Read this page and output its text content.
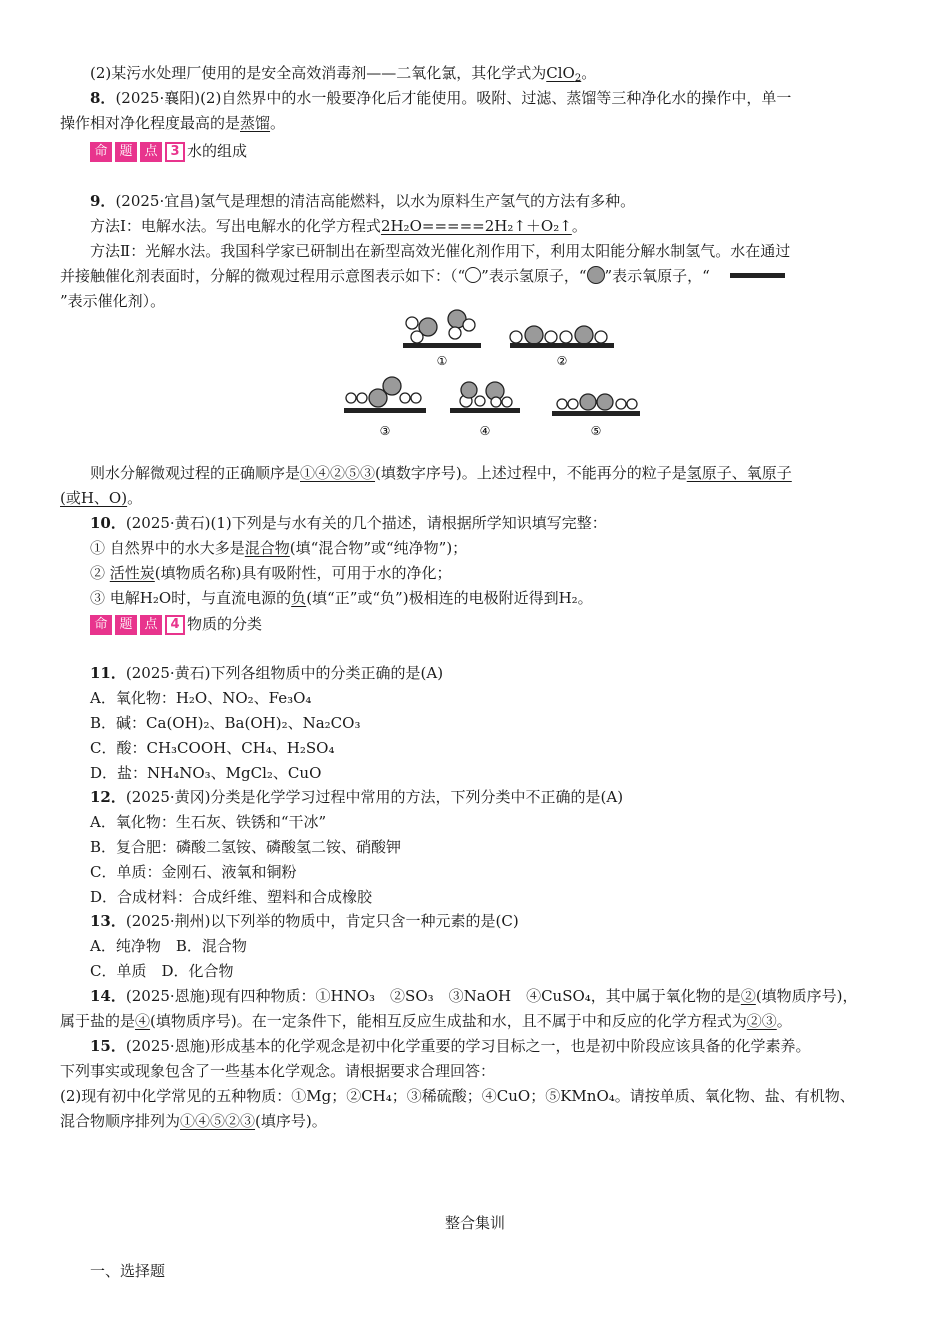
(2)某污水处理厂使用的是安全高效消毒剂——二氧化氯，其化学式为ClO$_2$。
8．(2025·襄阳)(2)自然界中的水一般要净化后才能使用。吸附、过滤、蒸馏等三种净化水的操作中，单一
操作相对净化程度最高的是蒸馏。
命 题 点 3 水的组成
9．(2025·宜昌)氢气是理想的清洁高能燃料，以水为原料生产氢气的方法有多种。
方法Ⅰ：电解水法。写出电解水的化学方程式2H₂O=====2H₂↑＋O₂↑。
方法Ⅱ：光解水法。我国科学家已研制出在新型高效光催化剂作用下，利用太阳能分解水制氢气。水在通过
并接触催化剂表面时，分解的微观过程用示意图表示如下：（“ ”表示氢原子，“ ”表示氧原子，“
”表示催化剂）。
①	②
③	④	⑤
则水分解微观过程的正确顺序是①④②⑤③(填数字序号)。上述过程中，不能再分的粒子是氢原子、氧原子
(或H、O)。
10．(2025·黄石)(1)下列是与水有关的几个描述，请根据所学知识填写完整：
① 自然界中的水大多是混合物(填“混合物”或“纯净物”)；
② 活性炭(填物质名称)具有吸附性，可用于水的净化；
③ 电解H₂O时，与直流电源的负(填“正”或“负”)极相连的电极附近得到H₂。
命 题 点 4 物质的分类
11．(2025·黄石)下列各组物质中的分类正确的是(A)
A．氧化物：H₂O、NO₂、Fe₃O₄
B．碱：Ca(OH)₂、Ba(OH)₂、Na₂CO₃
C．酸：CH₃COOH、CH₄、H₂SO₄
D．盐：NH₄NO₃、MgCl₂、CuO
12．(2025·黄冈)分类是化学学习过程中常用的方法，下列分类中不正确的是(A)
A．氧化物：生石灰、铁锈和“干冰”
B．复合肥：磷酸二氢铵、磷酸氢二铵、硝酸钾
C．单质：金刚石、液氧和铜粉
D．合成材料：合成纤维、塑料和合成橡胶
13．(2025·荆州)以下列举的物质中，肯定只含一种元素的是(C)
A．纯净物　B．混合物
C．单质　D．化合物
14．(2025·恩施)现有四种物质：①HNO₃　②SO₃　③NaOH　④CuSO₄，其中属于氧化物的是②(填物质序号)，
属于盐的是④(填物质序号)。在一定条件下，能相互反应生成盐和水，且不属于中和反应的化学方程式为②③。
15．(2025·恩施)形成基本的化学观念是初中化学重要的学习目标之一，也是初中阶段应该具备的化学素养。
下列事实或现象包含了一些基本化学观念。请根据要求合理回答：
(2)现有初中化学常见的五种物质：①Mg；②CH₄；③稀硫酸；④CuO；⑤KMnO₄。请按单质、氧化物、盐、有机物、
混合物顺序排列为①④⑤②③(填序号)。
整合集训
一、选择题
